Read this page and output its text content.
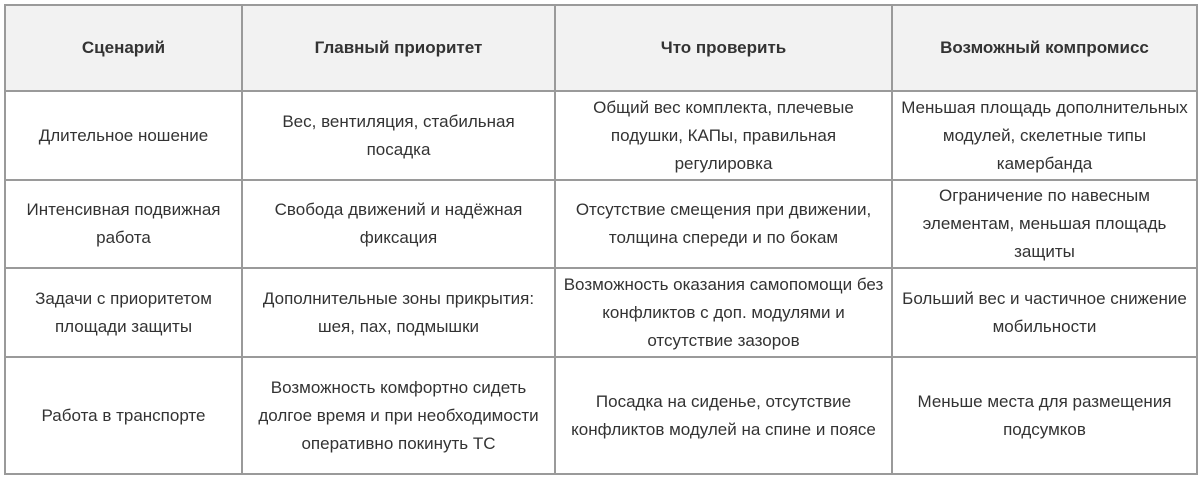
Сценарий	Главный приоритет	Что проверить	Возможный компромисс
Длительное ношение	Вес, вентиляция, стабильная посадка	Общий вес комплекта, плечевые подушки, КАПы, правильная регулировка	Меньшая площадь дополнительных модулей, скелетные типы камербанда
Интенсивная подвижная работа	Свобода движений и надёжная фиксация	Отсутствие смещения при движении, толщина спереди и по бокам	Ограничение по навесным элементам, меньшая площадь защиты
Задачи с приоритетом площади защиты	Дополнительные зоны прикрытия: шея, пах, подмышки	Возможность оказания самопомощи без конфликтов с доп. модулями и отсутствие зазоров	Больший вес и частичное снижение мобильности
Работа в транспорте	Возможность комфортно сидеть долгое время и при необходимости оперативно покинуть ТС	Посадка на сиденье, отсутствие конфликтов модулей на спине и поясе	Меньше места для размещения подсумков
